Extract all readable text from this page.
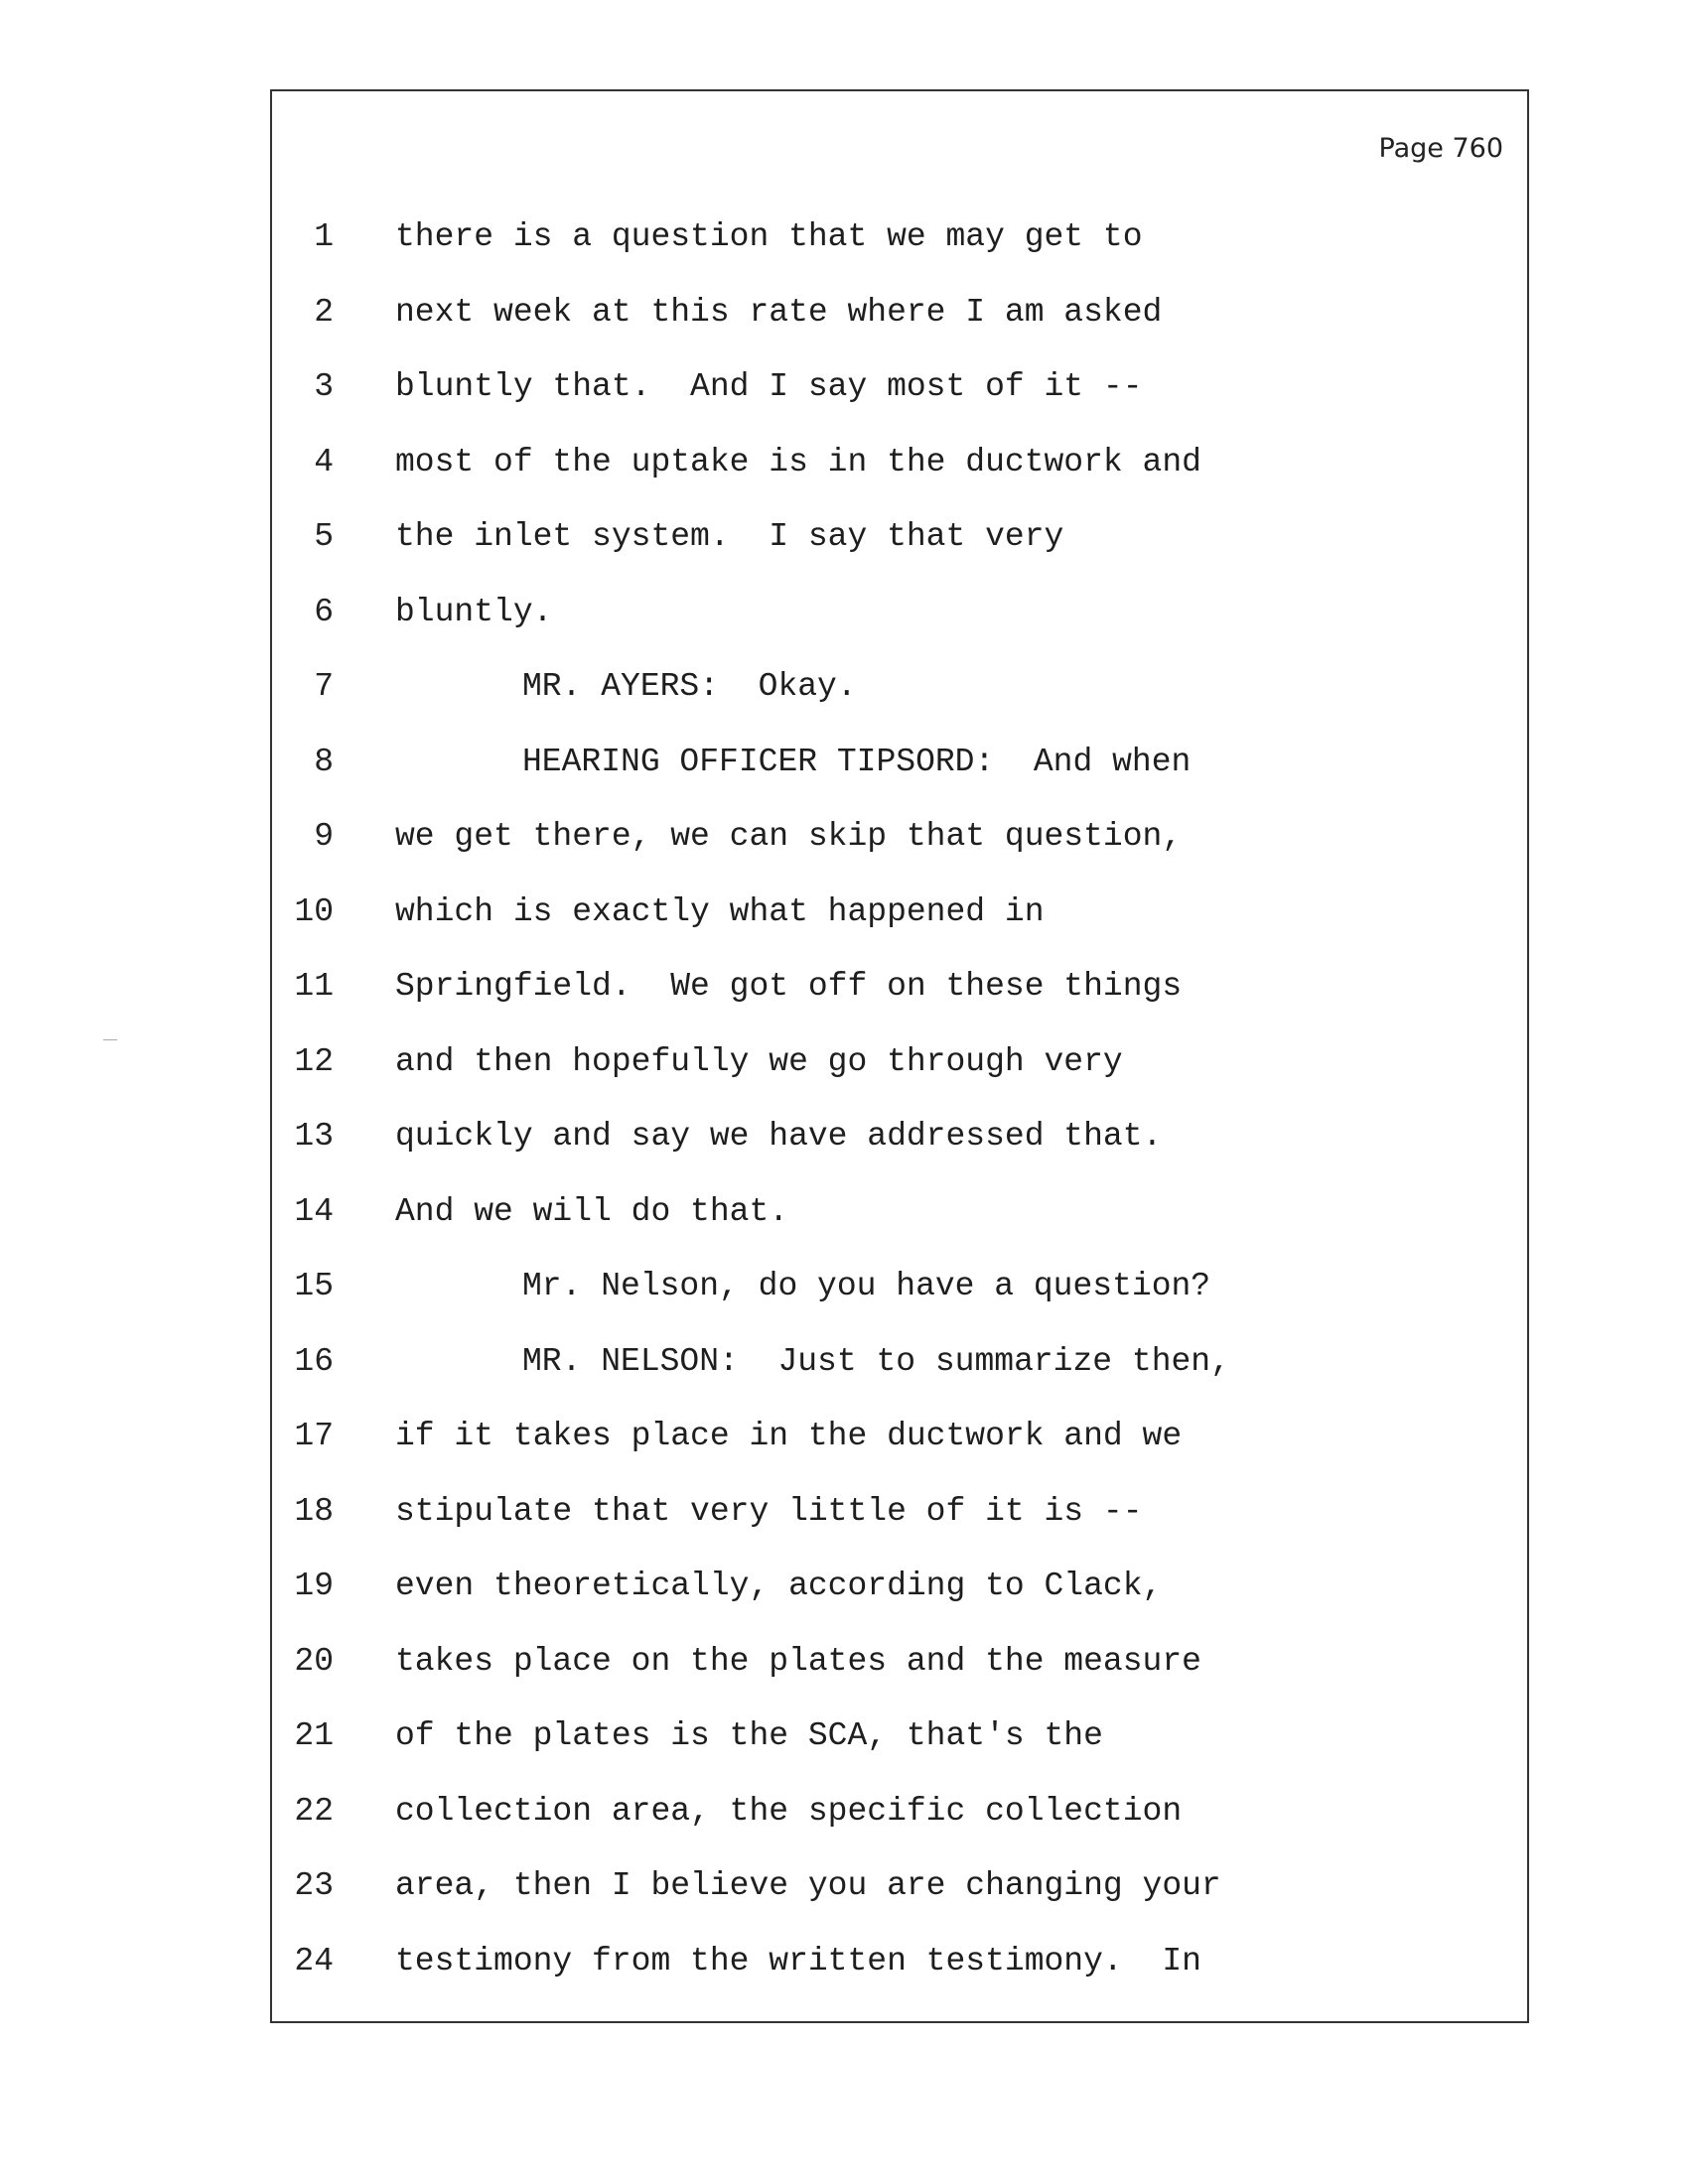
Page 760
1 there is a question that we may get to
2 next week at this rate where I am asked
3 bluntly that.  And I say most of it --
4 most of the uptake is in the ductwork and
5 the inlet system.  I say that very
6 bluntly.
7	MR. AYERS:  Okay.
8	HEARING OFFICER TIPSORD:  And when
9 we get there, we can skip that question,
10 which is exactly what happened in
11 Springfield.  We got off on these things
12 and then hopefully we go through very
13 quickly and say we have addressed that.
14 And we will do that.
15	Mr. Nelson, do you have a question?
16	MR. NELSON:  Just to summarize then,
17 if it takes place in the ductwork and we
18 stipulate that very little of it is --
19 even theoretically, according to Clack,
20 takes place on the plates and the measure
21 of the plates is the SCA, that's the
22 collection area, the specific collection
23 area, then I believe you are changing your
24 testimony from the written testimony.  In
